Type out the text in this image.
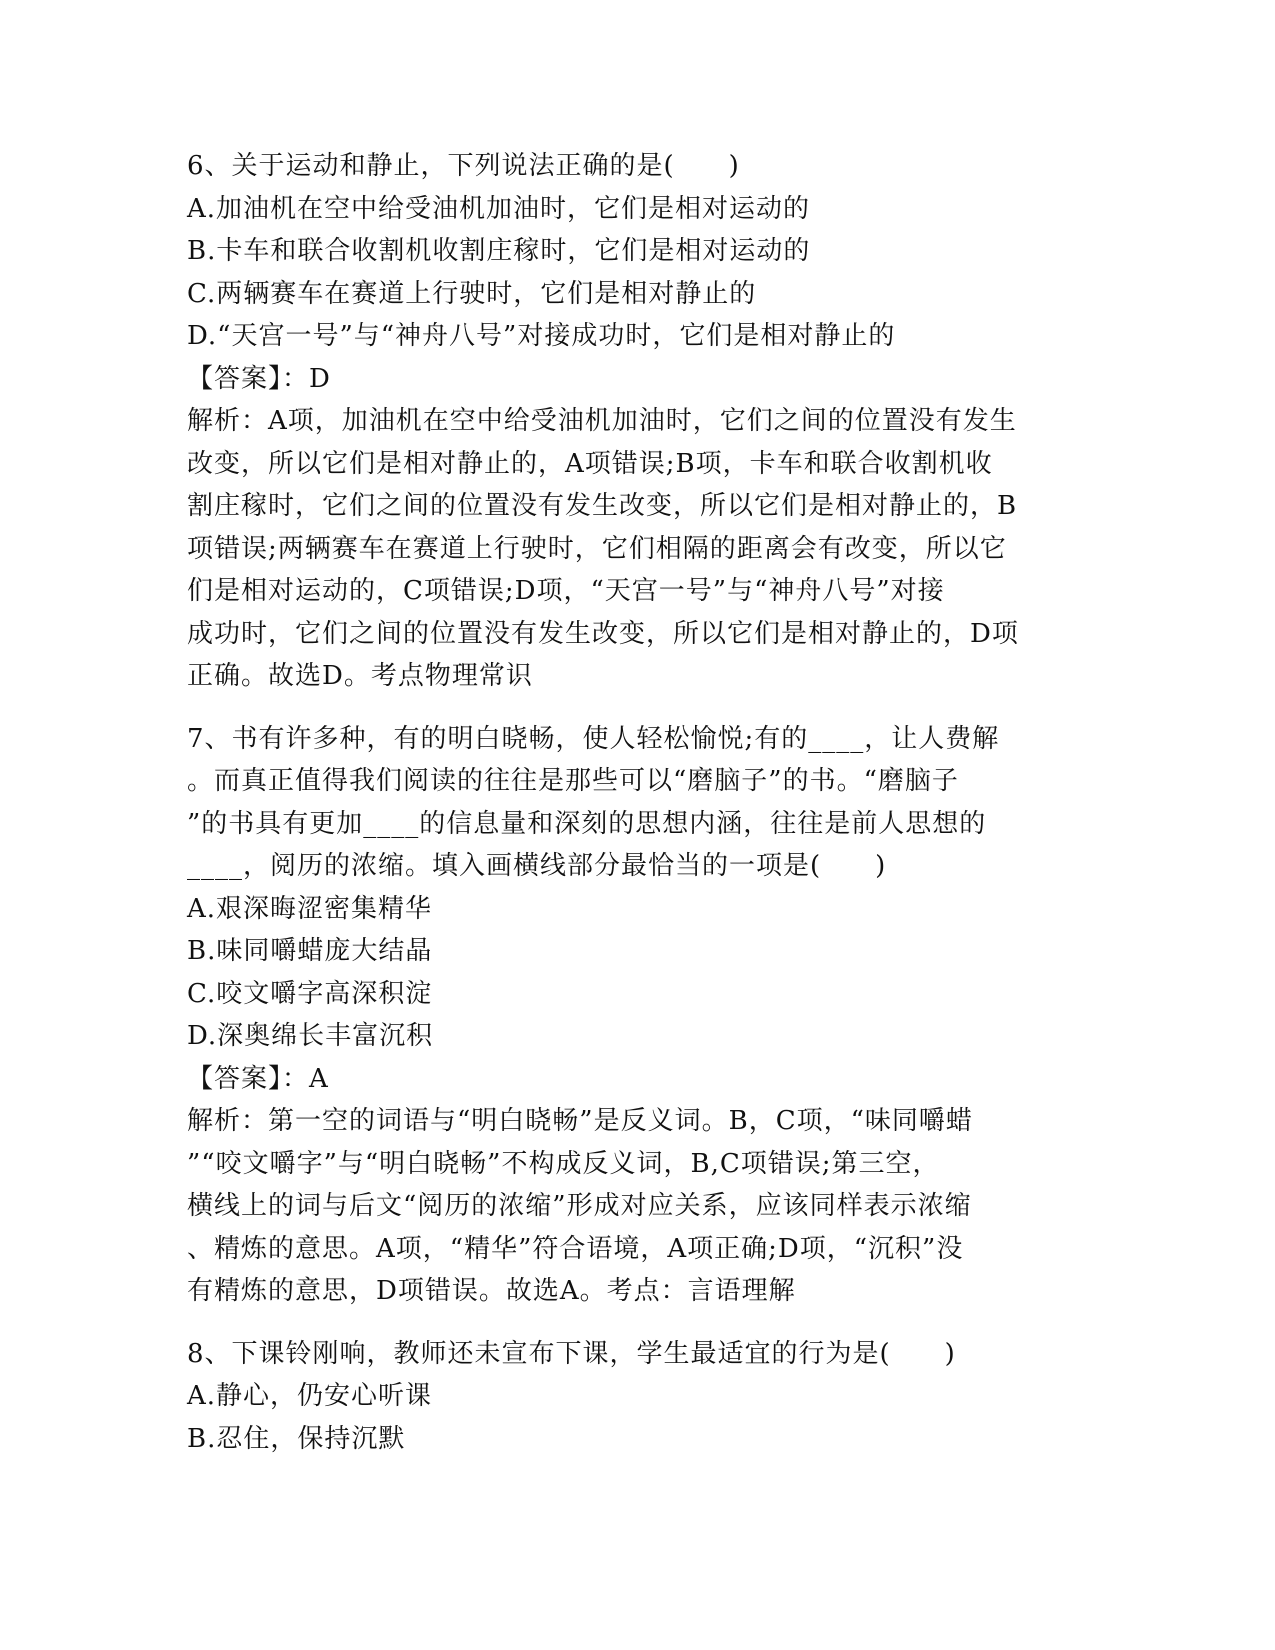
6、关于运动和静止，下列说法正确的是(　　)
A.加油机在空中给受油机加油时，它们是相对运动的
B.卡车和联合收割机收割庄稼时，它们是相对运动的
C.两辆赛车在赛道上行驶时，它们是相对静止的
D.“天宫一号”与“神舟八号”对接成功时，它们是相对静止的
【答案】：D
解析：A项，加油机在空中给受油机加油时，它们之间的位置没有发生
改变，所以它们是相对静止的，A项错误;B项，卡车和联合收割机收
割庄稼时，它们之间的位置没有发生改变，所以它们是相对静止的，B
项错误;两辆赛车在赛道上行驶时，它们相隔的距离会有改变，所以它
们是相对运动的，C项错误;D项，“天宫一号”与“神舟八号”对接
成功时，它们之间的位置没有发生改变，所以它们是相对静止的，D项
正确。故选D。考点物理常识
7、书有许多种，有的明白晓畅，使人轻松愉悦;有的____，让人费解
。而真正值得我们阅读的往往是那些可以“磨脑子”的书。“磨脑子
”的书具有更加____的信息量和深刻的思想内涵，往往是前人思想的
____，阅历的浓缩。填入画横线部分最恰当的一项是(　　)
A.艰深晦涩密集精华
B.味同嚼蜡庞大结晶
C.咬文嚼字高深积淀
D.深奥绵长丰富沉积
【答案】：A
解析：第一空的词语与“明白晓畅”是反义词。B，C项，“味同嚼蜡
”“咬文嚼字”与“明白晓畅”不构成反义词，B,C项错误;第三空，
横线上的词与后文“阅历的浓缩”形成对应关系，应该同样表示浓缩
、精炼的意思。A项，“精华”符合语境，A项正确;D项，“沉积”没
有精炼的意思，D项错误。故选A。考点：言语理解
8、下课铃刚响，教师还未宣布下课，学生最适宜的行为是(　　)
A.静心，仍安心听课
B.忍住，保持沉默
